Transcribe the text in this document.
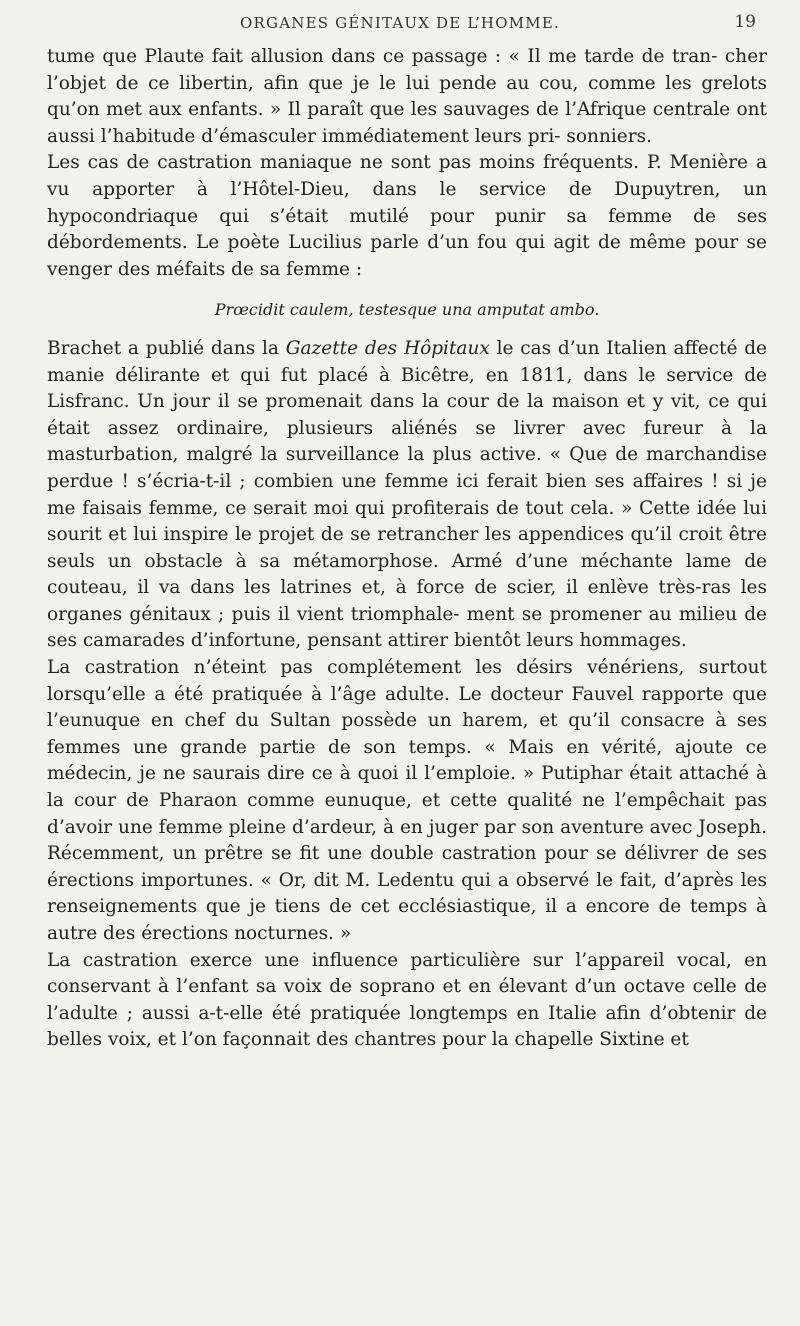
ORGANES GÉNITAUX DE L’HOMME.	19

tume que Plaute fait allusion dans ce passage : « Il me tarde de tran- cher l’objet de ce libertin, afin que je le lui pende au cou, comme les grelots qu’on met aux enfants. » Il paraît que les sauvages de l’Afrique centrale ont aussi l’habitude d’émasculer immédiatement leurs pri- sonniers.

Les cas de castration maniaque ne sont pas moins fréquents. P. Menière a vu apporter à l’Hôtel-Dieu, dans le service de Dupuytren, un hypocondriaque qui s’était mutilé pour punir sa femme de ses débordements. Le poète Lucilius parle d’un fou qui agit de même pour se venger des méfaits de sa femme :

Prœcidit caulem, testesque una amputat ambo.

Brachet a publié dans la Gazette des Hôpitaux le cas d’un Italien affecté de manie délirante et qui fut placé à Bicêtre, en 1811, dans le service de Lisfranc. Un jour il se promenait dans la cour de la maison et y vit, ce qui était assez ordinaire, plusieurs aliénés se livrer avec fureur à la masturbation, malgré la surveillance la plus active. « Que de marchandise perdue ! s’écria-t-il ; combien une femme ici ferait bien ses affaires ! si je me faisais femme, ce serait moi qui profiterais de tout cela. » Cette idée lui sourit et lui inspire le projet de se retrancher les appendices qu’il croit être seuls un obstacle à sa métamorphose. Armé d’une méchante lame de couteau, il va dans les latrines et, à force de scier, il enlève très-ras les organes génitaux ; puis il vient triomphale- ment se promener au milieu de ses camarades d’infortune, pensant attirer bientôt leurs hommages.

La castration n’éteint pas complétement les désirs vénériens, surtout lorsqu’elle a été pratiquée à l’âge adulte. Le docteur Fauvel rapporte que l’eunuque en chef du Sultan possède un harem, et qu’il consacre à ses femmes une grande partie de son temps. « Mais en vérité, ajoute ce médecin, je ne saurais dire ce à quoi il l’emploie. » Putiphar était attaché à la cour de Pharaon comme eunuque, et cette qualité ne l’empêchait pas d’avoir une femme pleine d’ardeur, à en juger par son aventure avec Joseph. Récemment, un prêtre se fit une double castration pour se délivrer de ses érections importunes. « Or, dit M. Ledentu qui a observé le fait, d’après les renseignements que je tiens de cet ecclésiastique, il a encore de temps à autre des érections nocturnes. »

La castration exerce une influence particulière sur l’appareil vocal, en conservant à l’enfant sa voix de soprano et en élevant d’un octave celle de l’adulte ; aussi a-t-elle été pratiquée longtemps en Italie afin d’obtenir de belles voix, et l’on façonnait des chantres pour la chapelle Sixtine et
